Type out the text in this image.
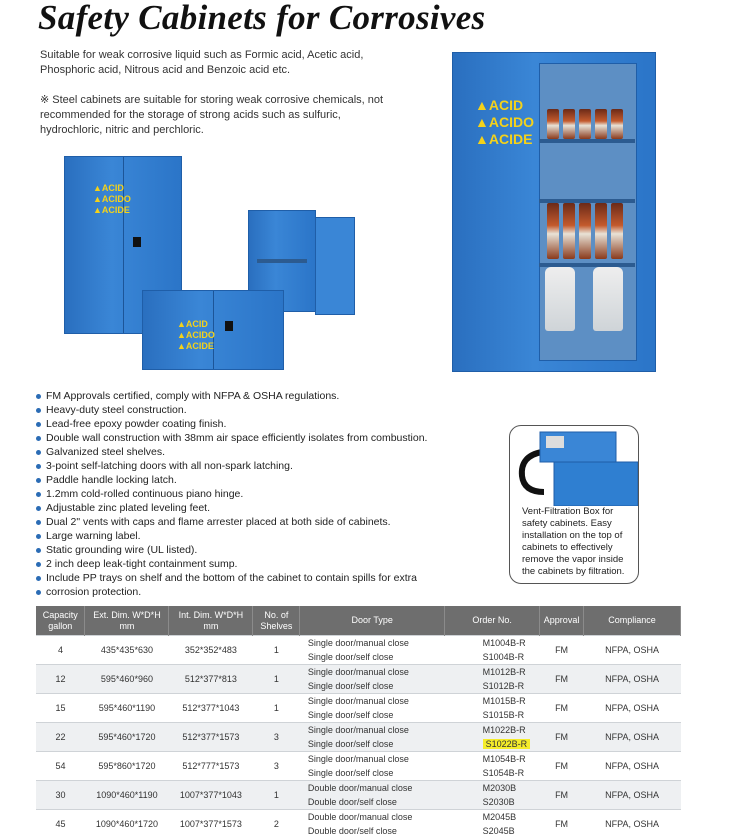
Safety Cabinets for Corrosives

Suitable for weak corrosive liquid such as Formic acid, Acetic acid, Phosphoric acid, Nitrous acid and Benzoic acid etc.

※ Steel cabinets are suitable for storing weak corrosive chemicals, not recommended for the storage of strong acids such as sulfuric, hydrochloric, nitric and perchloric.

▲ACID
▲ACIDO
▲ACIDE
▲ACID
▲ACIDO
▲ACIDE
▲ACID
▲ACIDO
▲ACIDE
FM Approvals certified, comply with NFPA & OSHA regulations.
Heavy-duty steel construction.
Lead-free epoxy powder coating finish.
Double wall construction with 38mm air space efficiently isolates from combustion.
Galvanized steel shelves.
3-point self-latching doors with all non-spark latching.
Paddle handle locking latch.
1.2mm cold-rolled continuous piano hinge.
Adjustable zinc plated leveling feet.
Dual 2" vents with caps and flame arrester placed at both side of cabinets.
Large warning label.
Static grounding wire (UL listed).
2 inch deep leak-tight containment sump.
Include PP trays on shelf and the bottom of the cabinet to contain spills for extra
corrosion protection.

Vent-Filtration Box for safety cabinets. Easy installation on the top of cabinets to effectively remove the vapor inside the cabinets by filtration.

Capacity gallon	Ext. Dim. W*D*H mm	Int. Dim. W*D*H mm	No. of Shelves	Door Type	Order No.	Approval	Compliance
4	435*435*630	352*352*483	1	Single door/manual close	M1004B-R	FM	NFPA, OSHA
				Single door/self close	S1004B-R		
12	595*460*960	512*377*813	1	Single door/manual close	M1012B-R	FM	NFPA, OSHA
				Single door/self close	S1012B-R		
15	595*460*1190	512*377*1043	1	Single door/manual close	M1015B-R	FM	NFPA, OSHA
				Single door/self close	S1015B-R		
22	595*460*1720	512*377*1573	3	Single door/manual close	M1022B-R	FM	NFPA, OSHA
				Single door/self close	S1022B-R		
54	595*860*1720	512*777*1573	3	Single door/manual close	M1054B-R	FM	NFPA, OSHA
				Single door/self close	S1054B-R		
30	1090*460*1190	1007*377*1043	1	Double door/manual close	M2030B	FM	NFPA, OSHA
				Double door/self close	S2030B		
45	1090*460*1720	1007*377*1573	2	Double door/manual close	M2045B	FM	NFPA, OSHA
				Double door/self close	S2045B		
